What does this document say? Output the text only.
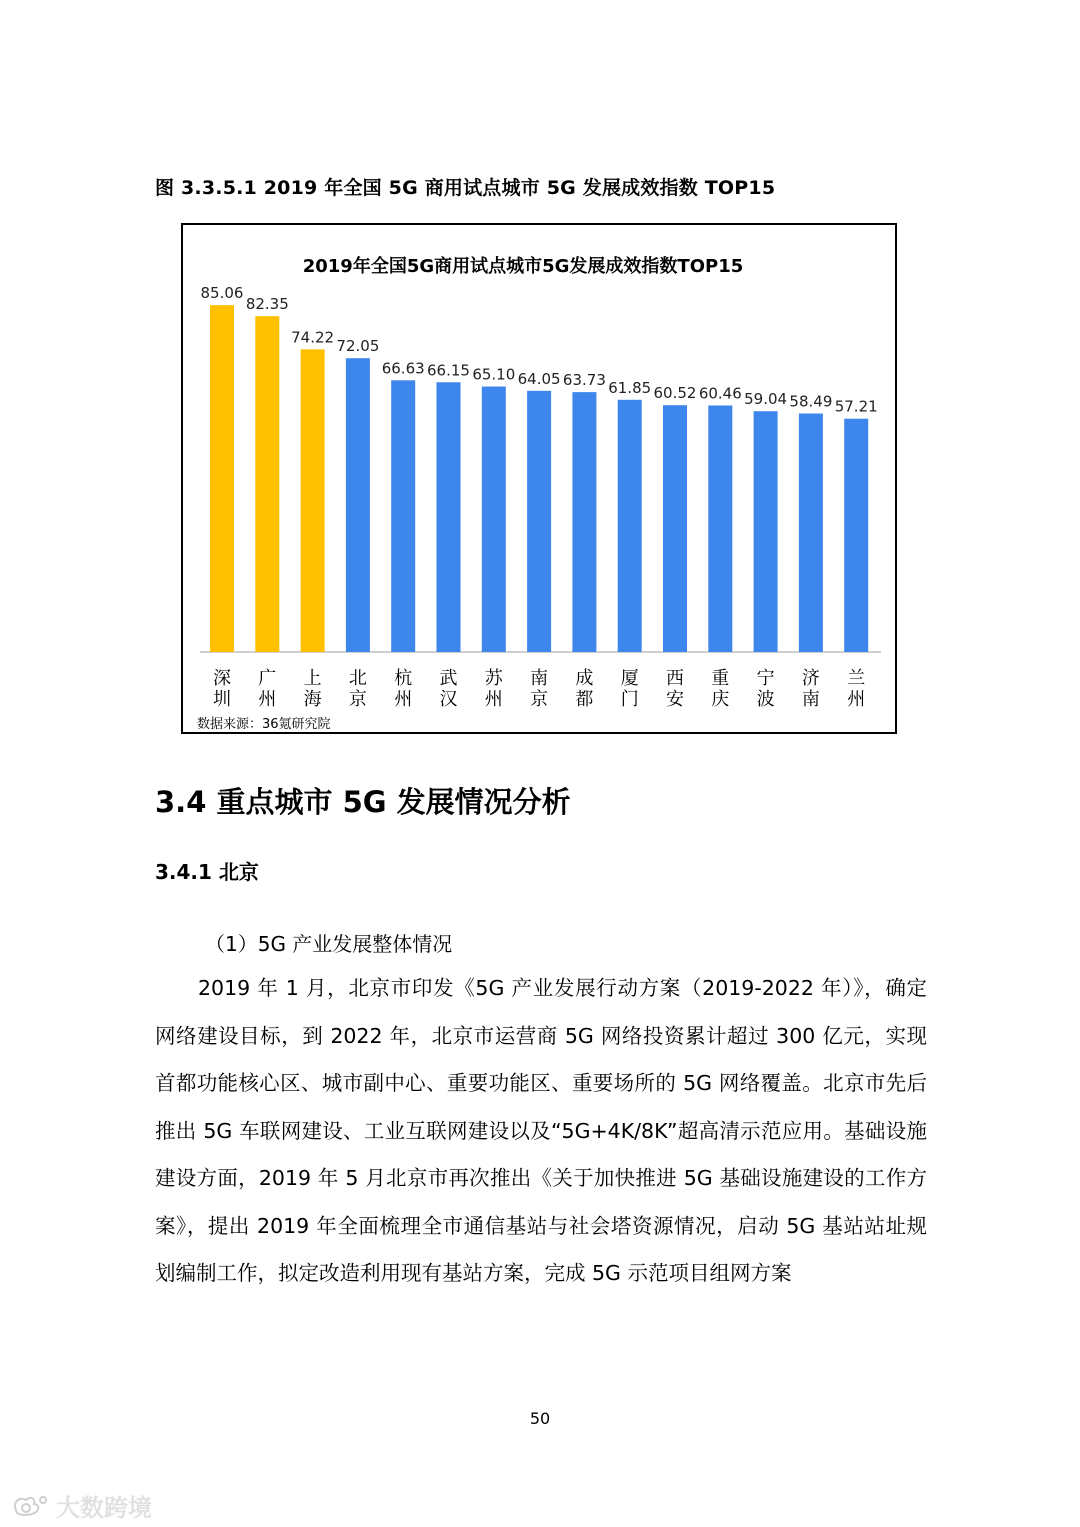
图 3.3.5.1 2019 年全国 5G 商用试点城市 5G 发展成效指数 TOP15
2019年全国5G商用试点城市5G发展成效指数TOP15
85.06
深圳
82.35
广州
74.22
上海
72.05
北京
66.63
杭州
66.15
武汉
65.10
苏州
64.05
南京
63.73
成都
61.85
厦门
60.52
西安
60.46
重庆
59.04
宁波
58.49
济南
57.21
兰州
数据来源：36氪研究院
3.4 重点城市 5G 发展情况分析
3.4.1 北京
（1）5G 产业发展整体情况

2019 年 1 月，北京市印发《5G 产业发展行动方案（2019-2022 年）》，确定网络建设目标，到 2022 年，北京市运营商 5G 网络投资累计超过 300 亿元，实现首都功能核心区、城市副中心、重要功能区、重要场所的 5G 网络覆盖。北京市先后推出 5G 车联网建设、工业互联网建设以及“5G+4K/8K”超高清示范应用。基础设施建设方面，2019 年 5 月北京市再次推出《关于加快推进 5G 基础设施建设的工作方案》，提出 2019 年全面梳理全市通信基站与社会塔资源情况，启动 5G 基站站址规划编制工作，拟定改造利用现有基站方案，完成 5G 示范项目组网方案

50
大数跨境
